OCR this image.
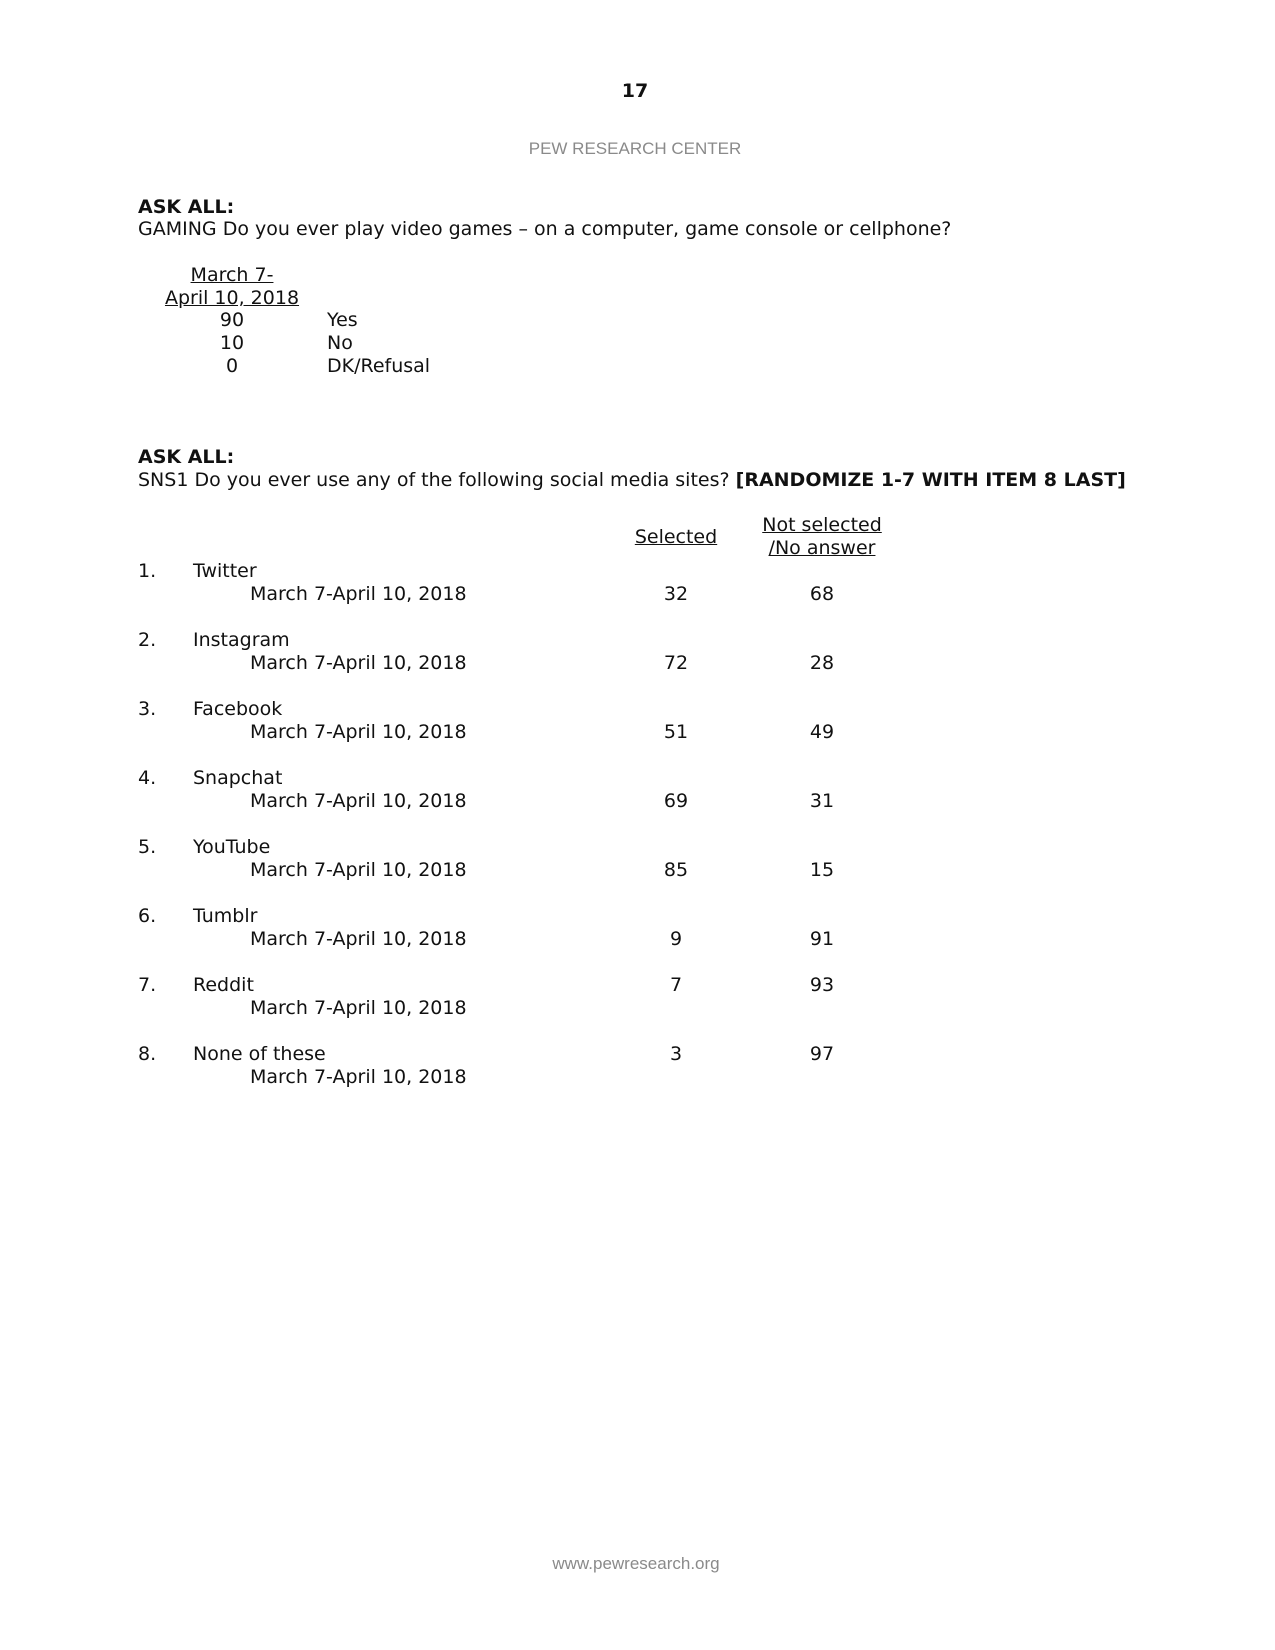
17
PEW RESEARCH CENTER
ASK ALL:
GAMING Do you ever play video games – on a computer, game console or cellphone?
March 7-
April 10, 2018
90	Yes
10	No
0	DK/Refusal
ASK ALL:
SNS1 Do you ever use any of the following social media sites? [RANDOMIZE 1-7 WITH ITEM 8 LAST]
Selected
Not selected
/No answer
1. Twitter
March 7-April 10, 2018	32	68
2. Instagram
March 7-April 10, 2018	72	28
3. Facebook
March 7-April 10, 2018	51	49
4. Snapchat
March 7-April 10, 2018	69	31
5. YouTube
March 7-April 10, 2018	85	15
6. Tumblr
March 7-April 10, 2018	9	91
7. Reddit
March 7-April 10, 2018
7	93
8. None of these
March 7-April 10, 2018
3	97
www.pewresearch.org
